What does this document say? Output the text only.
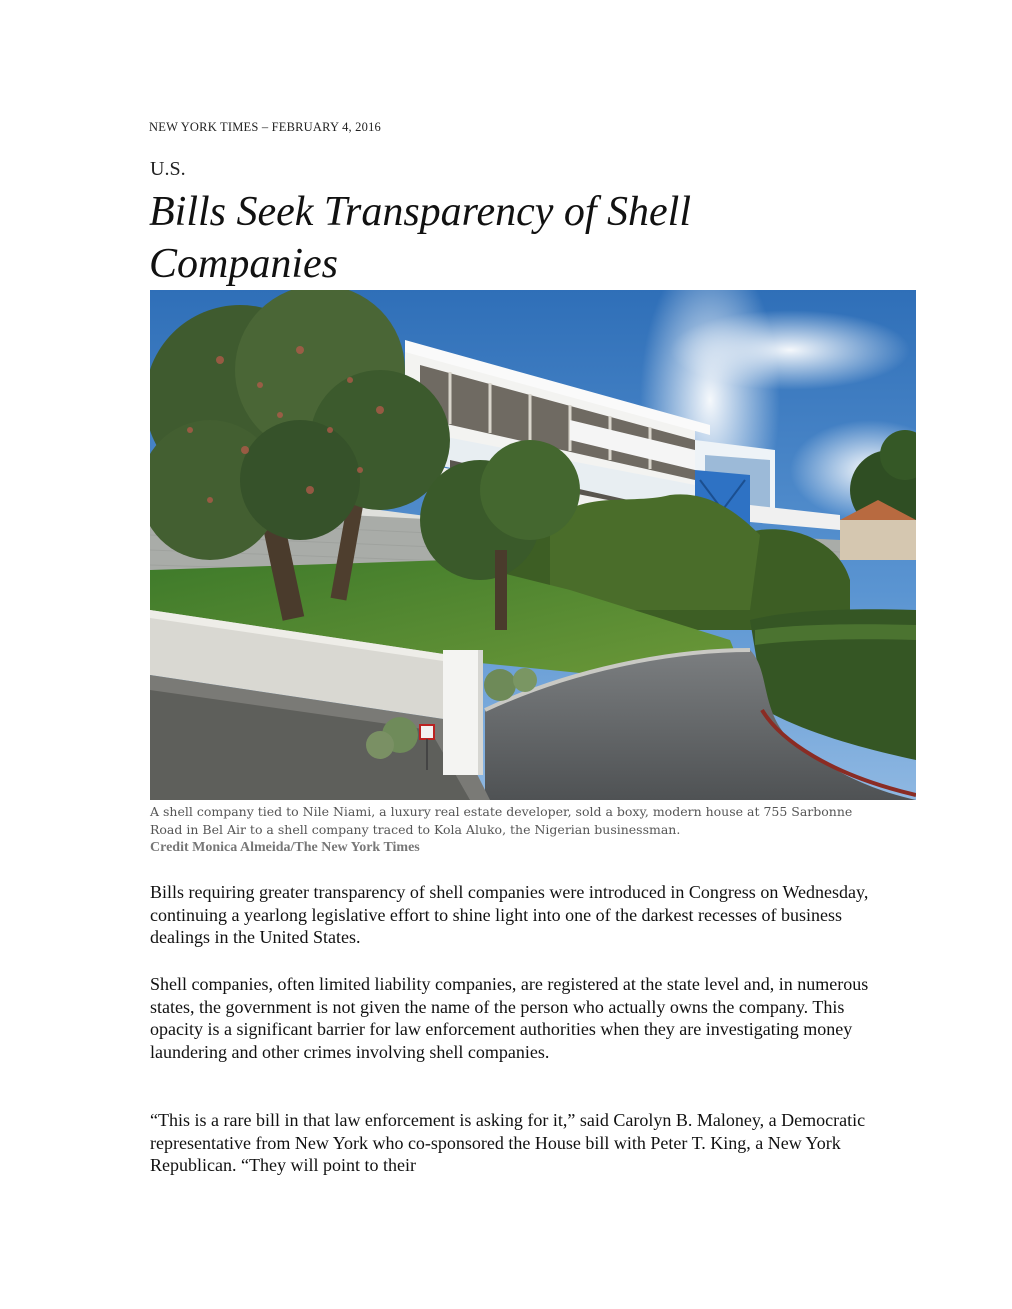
NEW YORK TIMES – FEBRUARY 4, 2016
U.S.
Bills Seek Transparency of Shell Companies

A shell company tied to Nile Niami, a luxury real estate developer, sold a boxy, modern house at 755 Sarbonne Road in Bel Air to a shell company traced to Kola Aluko, the Nigerian businessman.

Credit Monica Almeida/The New York Times

Bills requiring greater transparency of shell companies were introduced in Congress on Wednesday, continuing a yearlong legislative effort to shine light into one of the darkest recesses of business dealings in the United States.

Shell companies, often limited liability companies, are registered at the state level and, in numerous states, the government is not given the name of the person who actually owns the company. This opacity is a significant barrier for law enforcement authorities when they are investigating money laundering and other crimes involving shell companies.

“This is a rare bill in that law enforcement is asking for it,” said Carolyn B. Maloney, a Democratic representative from New York who co-sponsored the House bill with Peter T. King, a New York Republican. “They will point to their
